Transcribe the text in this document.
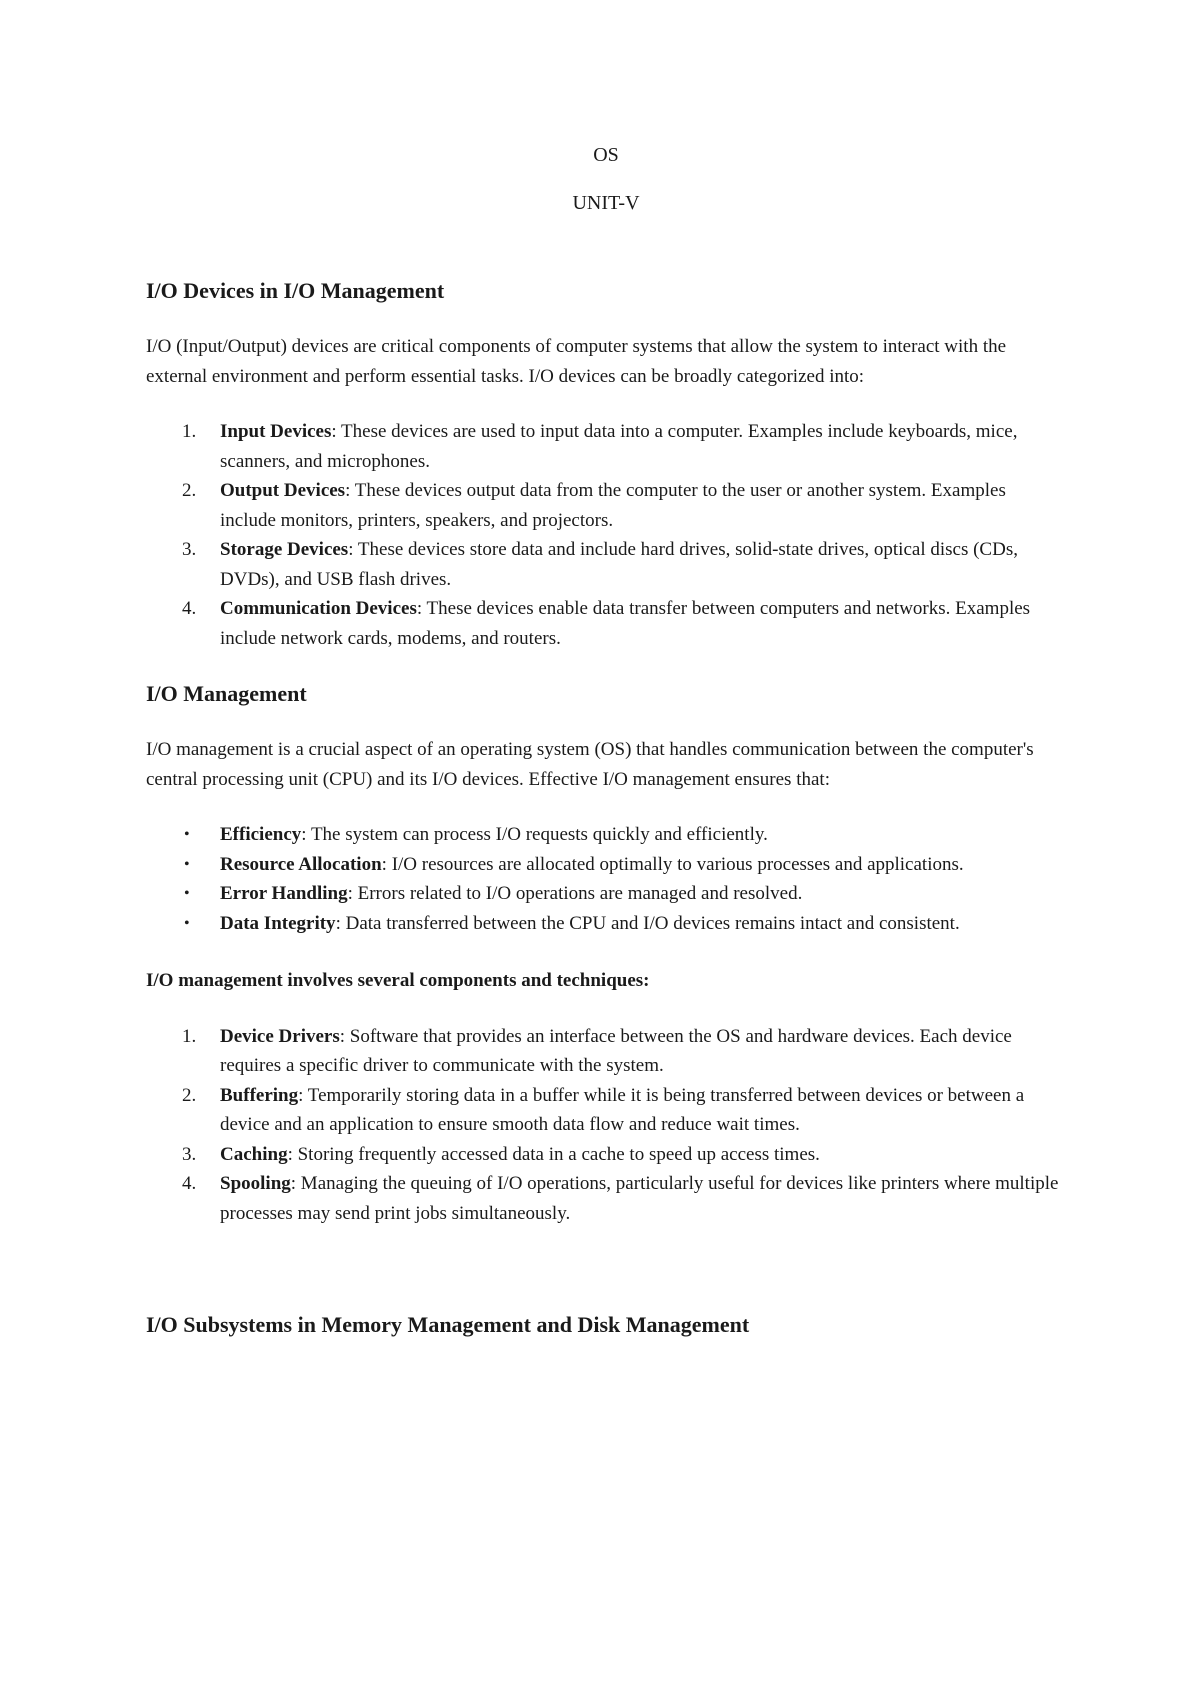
OS

UNIT-V

I/O Devices in I/O Management

I/O (Input/Output) devices are critical components of computer systems that allow the system to interact with the external environment and perform essential tasks. I/O devices can be broadly categorized into:

1. Input Devices: These devices are used to input data into a computer. Examples include keyboards, mice, scanners, and microphones.
2. Output Devices: These devices output data from the computer to the user or another system. Examples include monitors, printers, speakers, and projectors.
3. Storage Devices: These devices store data and include hard drives, solid-state drives, optical discs (CDs, DVDs), and USB flash drives.
4. Communication Devices: These devices enable data transfer between computers and networks. Examples include network cards, modems, and routers.
I/O Management

I/O management is a crucial aspect of an operating system (OS) that handles communication between the computer's central processing unit (CPU) and its I/O devices. Effective I/O management ensures that:

• Efficiency: The system can process I/O requests quickly and efficiently.
• Resource Allocation: I/O resources are allocated optimally to various processes and applications.
• Error Handling: Errors related to I/O operations are managed and resolved.
• Data Integrity: Data transferred between the CPU and I/O devices remains intact and consistent.

I/O management involves several components and techniques:

1. Device Drivers: Software that provides an interface between the OS and hardware devices. Each device requires a specific driver to communicate with the system.
2. Buffering: Temporarily storing data in a buffer while it is being transferred between devices or between a device and an application to ensure smooth data flow and reduce wait times.
3. Caching: Storing frequently accessed data in a cache to speed up access times.
4. Spooling: Managing the queuing of I/O operations, particularly useful for devices like printers where multiple processes may send print jobs simultaneously.
I/O Subsystems in Memory Management and Disk Management
